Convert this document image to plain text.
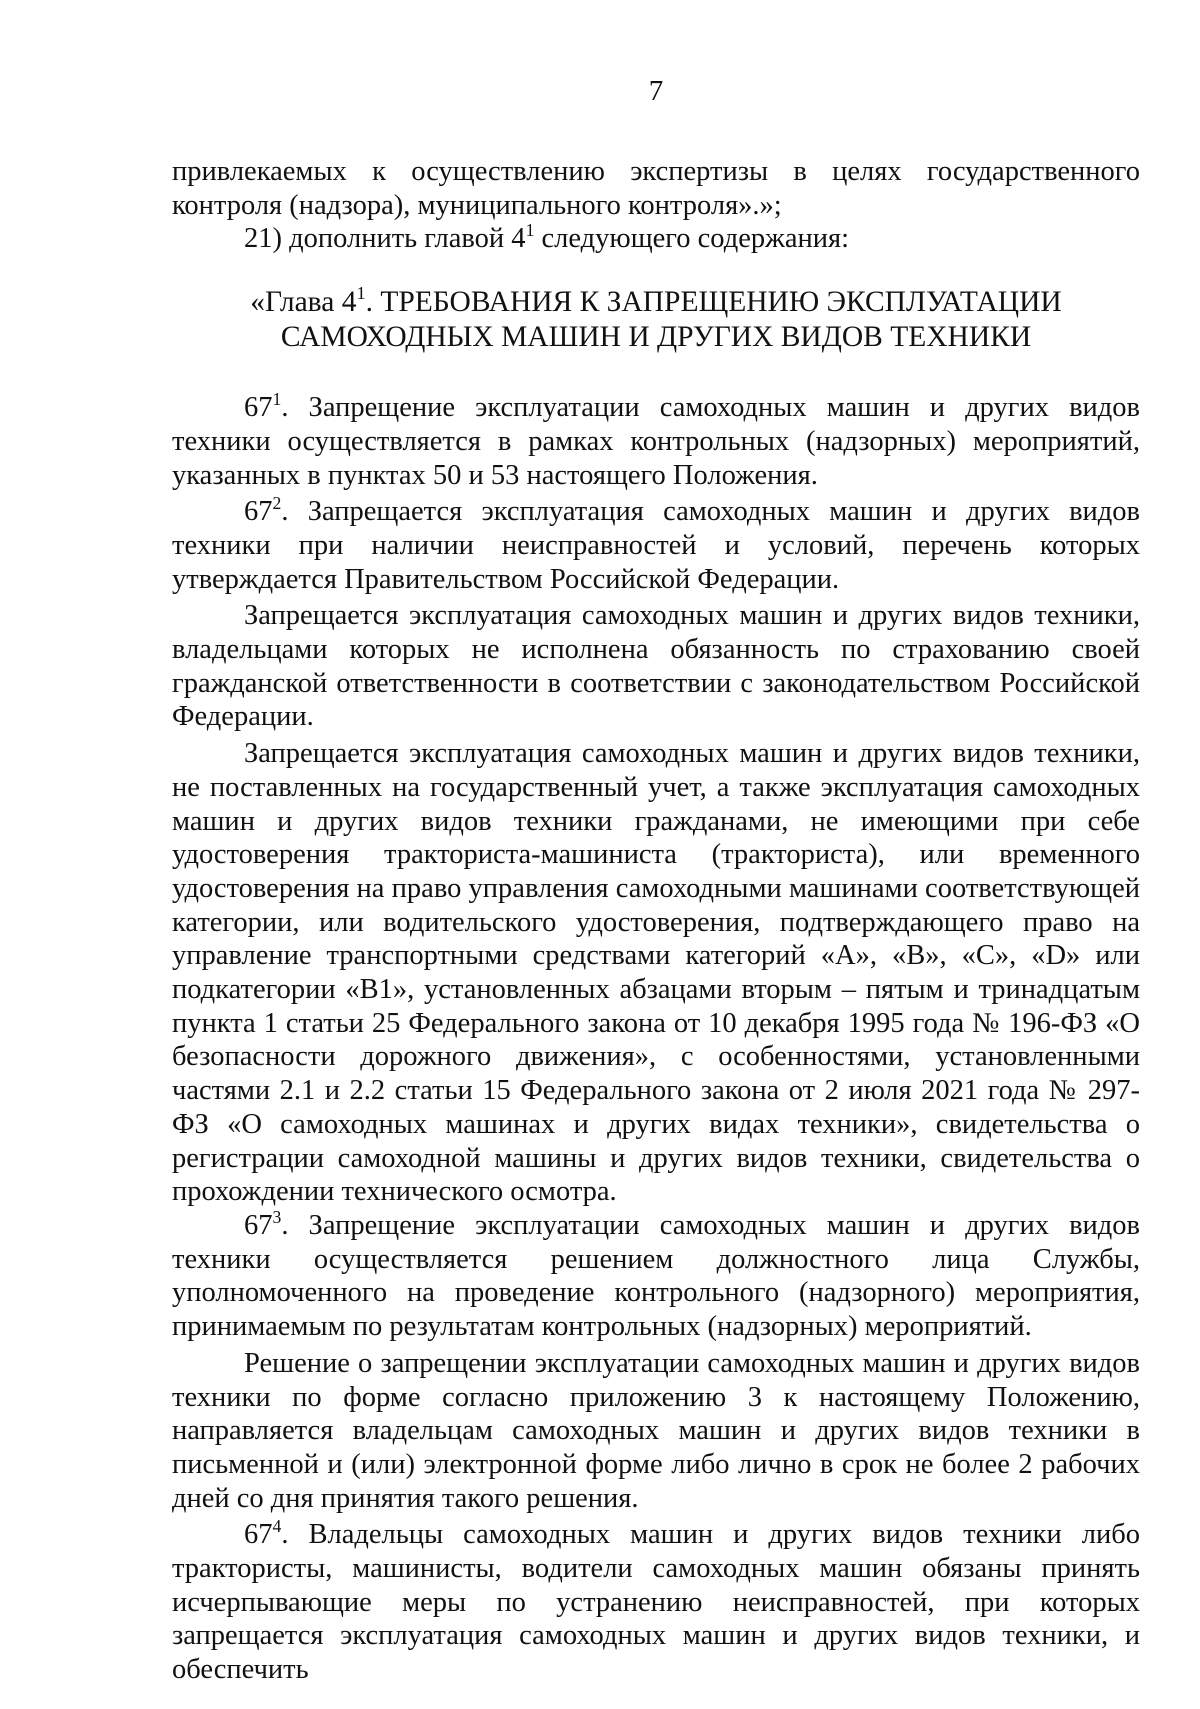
7

привлекаемых к осуществлению экспертизы в целях государственного контроля (надзора), муниципального контроля».»;

21) дополнить главой $4^1$ следующего содержания:

«Глава $4^1$. ТРЕБОВАНИЯ К ЗАПРЕЩЕНИЮ ЭКСПЛУАТАЦИИ
САМОХОДНЫХ МАШИН И ДРУГИХ ВИДОВ ТЕХНИКИ

$67^1$. Запрещение эксплуатации самоходных машин и других видов техники осуществляется в рамках контрольных (надзорных) мероприятий, указанных в пунктах 50 и 53 настоящего Положения.

$67^2$. Запрещается эксплуатация самоходных машин и других видов техники при наличии неисправностей и условий, перечень которых утверждается Правительством Российской Федерации.

Запрещается эксплуатация самоходных машин и других видов техники, владельцами которых не исполнена обязанность по страхованию своей гражданской ответственности в соответствии с законодательством Российской Федерации.

Запрещается эксплуатация самоходных машин и других видов техники, не поставленных на государственный учет, а также эксплуатация самоходных машин и других видов техники гражданами, не имеющими при себе удостоверения тракториста-машиниста (тракториста), или временного удостоверения на право управления самоходными машинами соответствующей категории, или водительского удостоверения, подтверждающего право на управление транспортными средствами категорий «A», «B», «C», «D» или подкатегории «B1», установленных абзацами вторым – пятым и тринадцатым пункта 1 статьи 25 Федерального закона от 10 декабря 1995 года № 196-ФЗ «О безопасности дорожного движения», с особенностями, установленными частями 2.1 и 2.2 статьи 15 Федерального закона от 2 июля 2021 года № 297-ФЗ «О самоходных машинах и других видах техники», свидетельства о регистрации самоходной машины и других видов техники, свидетельства о прохождении технического осмотра.

$67^3$. Запрещение эксплуатации самоходных машин и других видов техники осуществляется решением должностного лица Службы, уполномоченного на проведение контрольного (надзорного) мероприятия, принимаемым по результатам контрольных (надзорных) мероприятий.

Решение о запрещении эксплуатации самоходных машин и других видов техники по форме согласно приложению 3 к настоящему Положению, направляется владельцам самоходных машин и других видов техники в письменной и (или) электронной форме либо лично в срок не более 2 рабочих дней со дня принятия такого решения.

$67^4$. Владельцы самоходных машин и других видов техники либо трактористы, машинисты, водители самоходных машин обязаны принять исчерпывающие меры по устранению неисправностей, при которых запрещается эксплуатация самоходных машин и других видов техники, и обеспечить
